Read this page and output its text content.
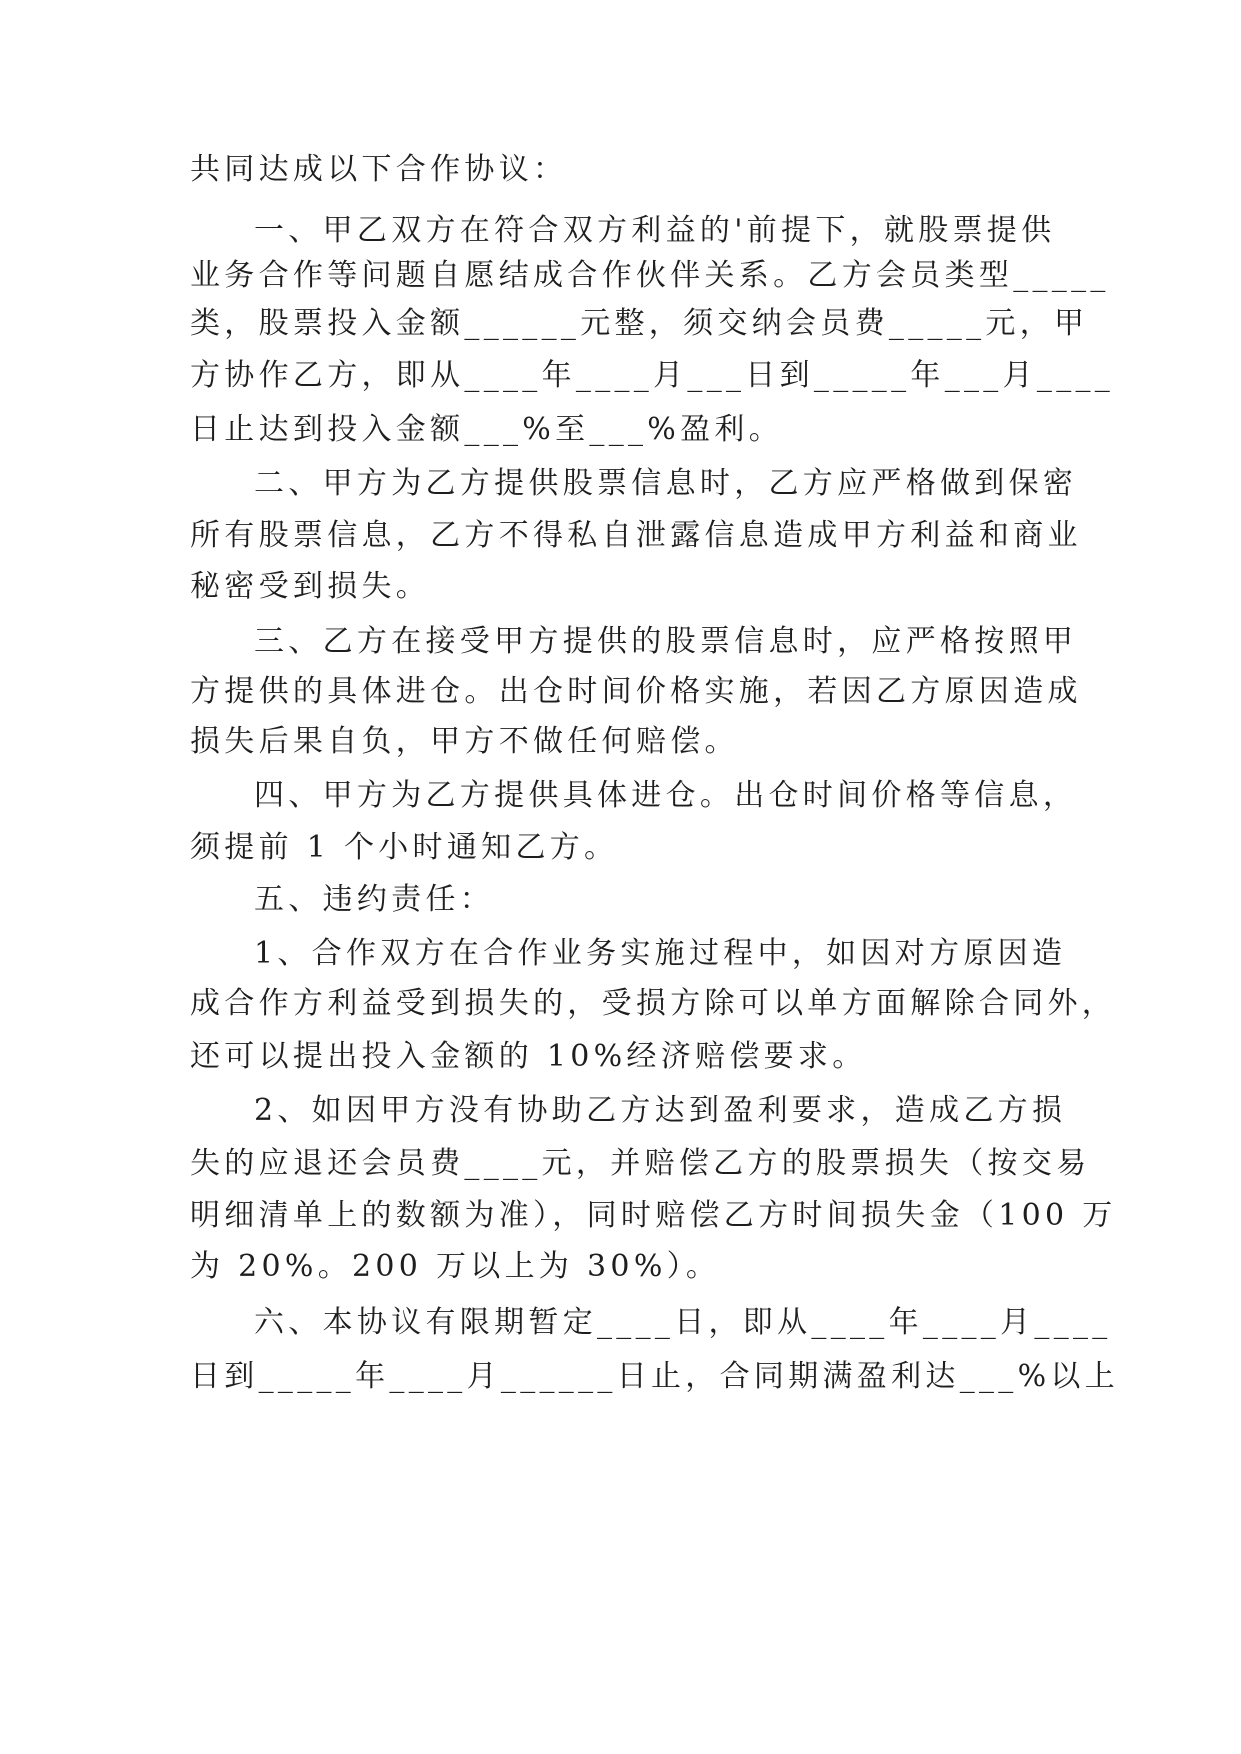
共同达成以下合作协议：
一、甲乙双方在符合双方利益的'前提下，就股票提供
业务合作等问题自愿结成合作伙伴关系。乙方会员类型_____
类，股票投入金额______元整，须交纳会员费_____元，甲
方协作乙方，即从____年____月___日到_____年___月____
日止达到投入金额___%至___%盈利。
二、甲方为乙方提供股票信息时，乙方应严格做到保密
所有股票信息，乙方不得私自泄露信息造成甲方利益和商业
秘密受到损失。
三、乙方在接受甲方提供的股票信息时，应严格按照甲
方提供的具体进仓。出仓时间价格实施，若因乙方原因造成
损失后果自负，甲方不做任何赔偿。
四、甲方为乙方提供具体进仓。出仓时间价格等信息，
须提前 1 个小时通知乙方。
五、违约责任：
1、合作双方在合作业务实施过程中，如因对方原因造
成合作方利益受到损失的，受损方除可以单方面解除合同外，
还可以提出投入金额的 10%经济赔偿要求。
2、如因甲方没有协助乙方达到盈利要求，造成乙方损
失的应退还会员费____元，并赔偿乙方的股票损失（按交易
明细清单上的数额为准），同时赔偿乙方时间损失金（100 万
为 20%。200 万以上为 30%）。
六、本协议有限期暂定____日，即从____年____月____
日到_____年____月______日止，合同期满盈利达___%以上
